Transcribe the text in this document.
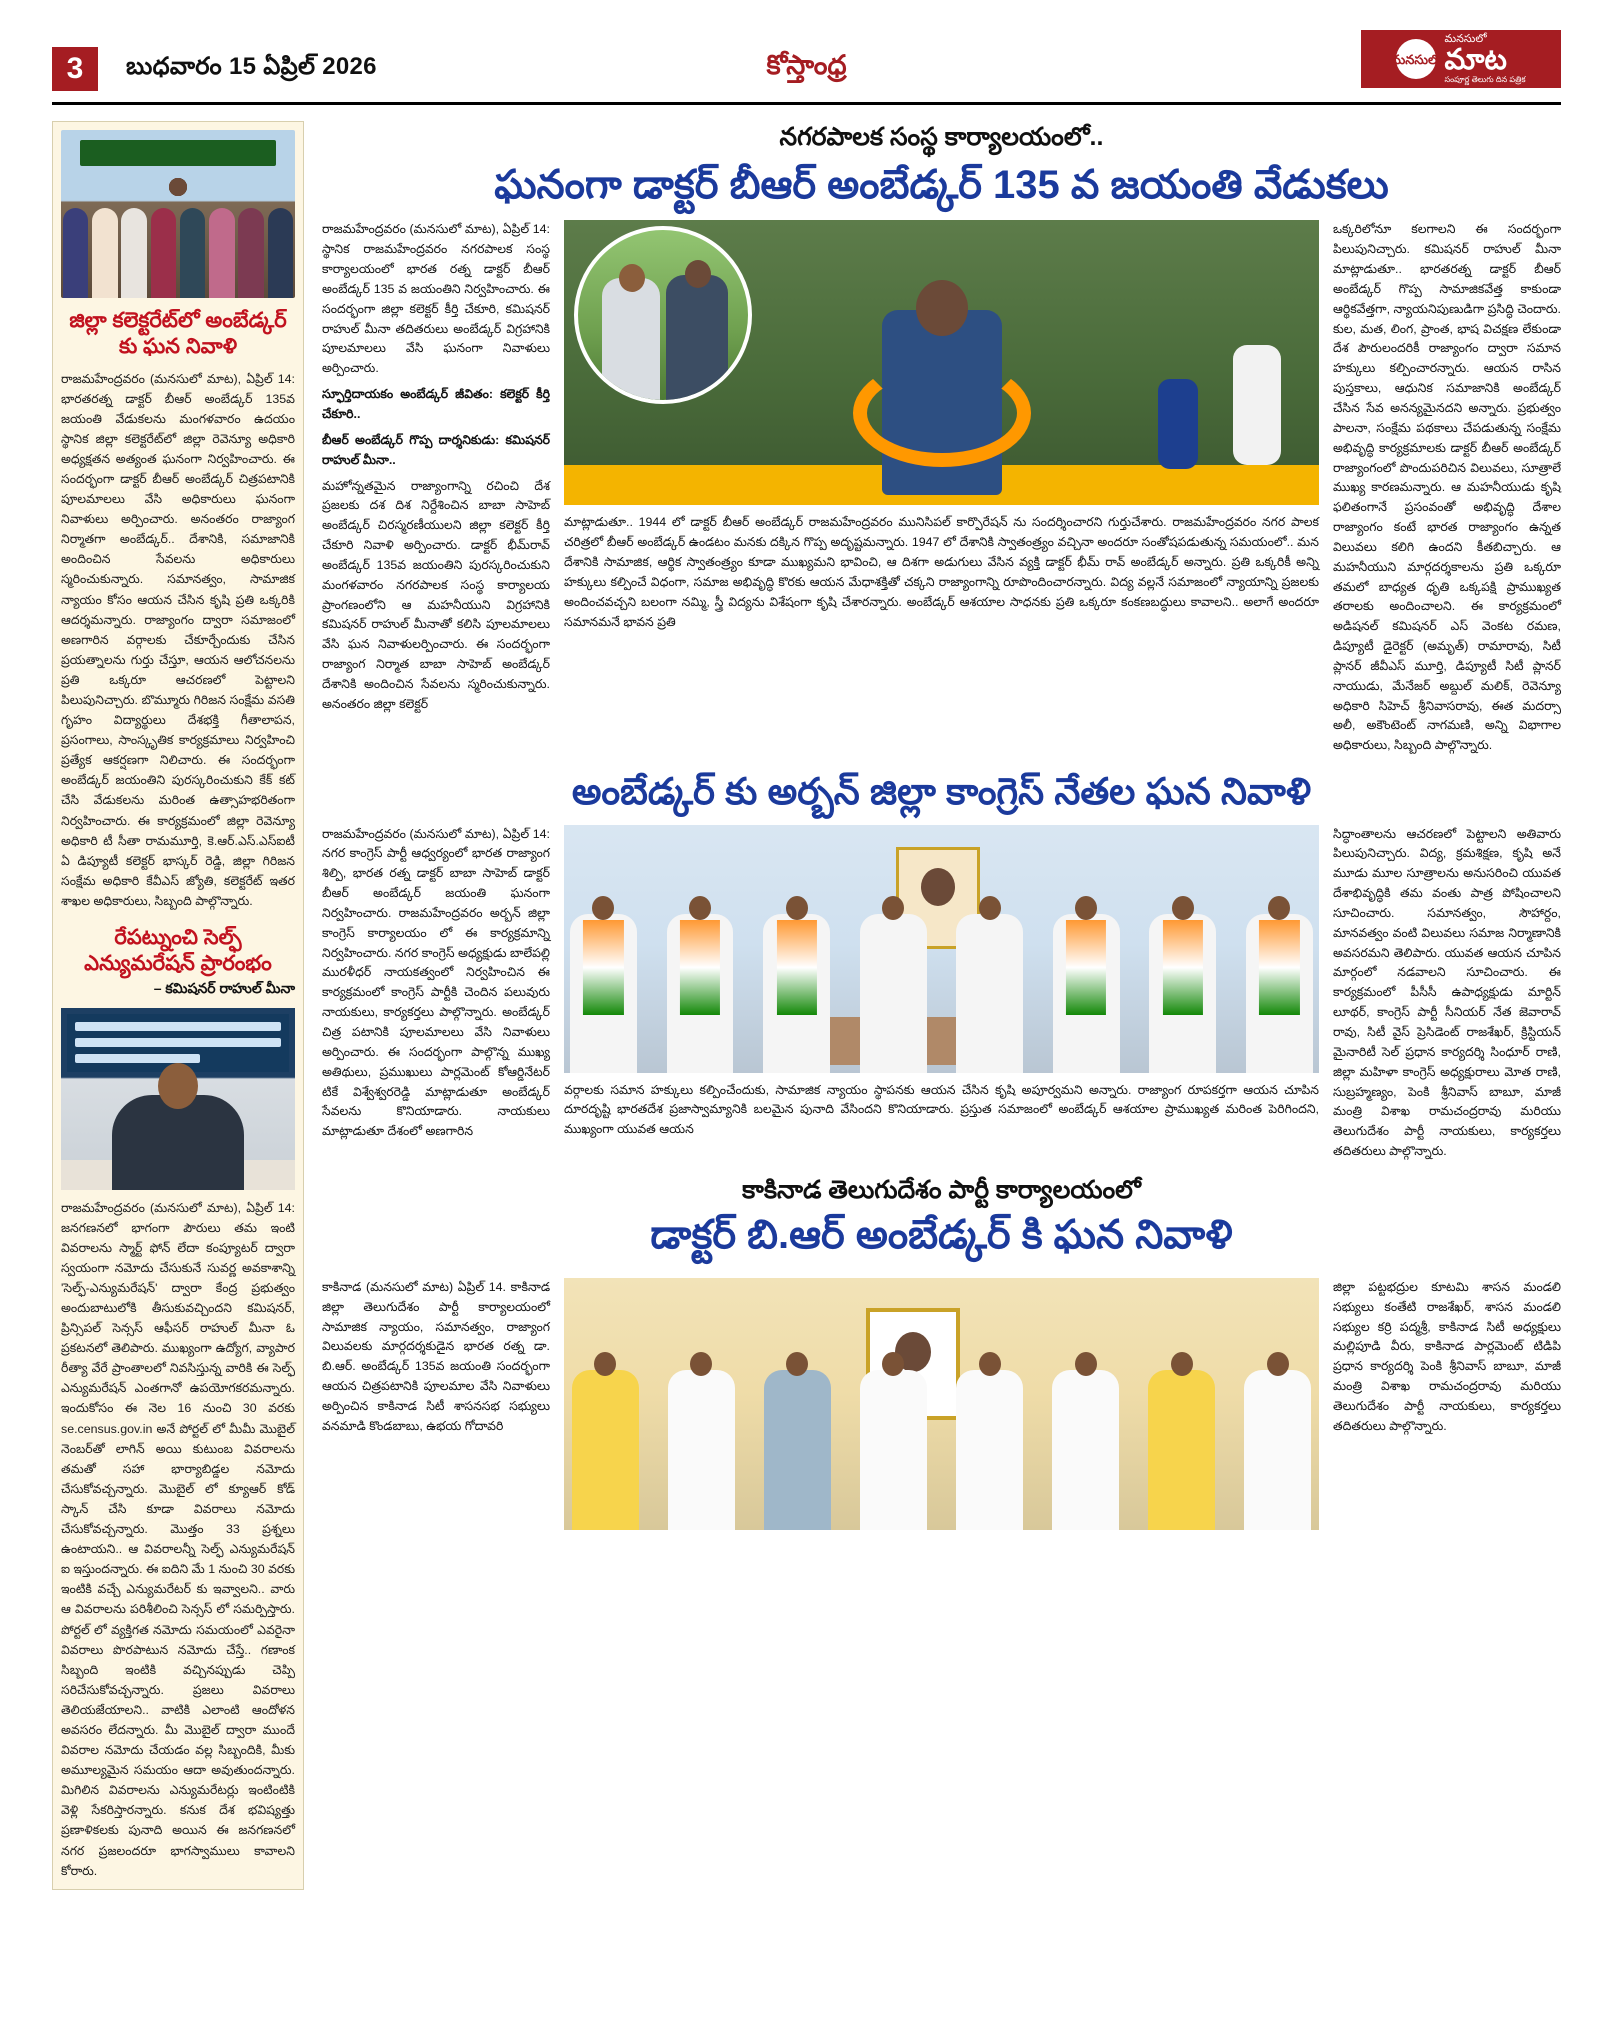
3	బుధవారం 15 ఏప్రిల్ 2026	కోస్తాంధ్ర	మనసులో
మనసులో
మాట
సంపూర్ణ తెలుగు దిన పత్రిక
జిల్లా కలెక్టరేట్‌లో అంబేడ్కర్ కు ఘన నివాళి
రాజమహేంద్రవరం (మనసులో మాట), ఏప్రిల్ 14: భారతరత్న డాక్టర్ బీఆర్ అంబేడ్కర్ 135వ జయంతి వేడుకలను మంగళవారం ఉదయం స్థానిక జిల్లా కలెక్టరేట్‌లో జిల్లా రెవెన్యూ అధికారి అధ్యక్షతన అత్యంత ఘనంగా నిర్వహించారు. ఈ సందర్భంగా డాక్టర్ బీఆర్ అంబేడ్కర్ చిత్రపటానికి పూలమాలలు వేసి అధికారులు ఘనంగా నివాళులు అర్పించారు. అనంతరం రాజ్యాంగ నిర్మాతగా అంబేడ్కర్.. దేశానికి, సమాజానికి అందించిన సేవలను అధికారులు స్మరించుకున్నారు. సమానత్వం, సామాజిక న్యాయం కోసం ఆయన చేసిన కృషి ప్రతి ఒక్కరికి ఆదర్శమన్నారు. రాజ్యాంగం ద్వారా సమాజంలో అణగారిన వర్గాలకు చేకూర్చేందుకు చేసిన ప్రయత్నాలను గుర్తు చేస్తూ, ఆయన ఆలోచనలను ప్రతి ఒక్కరూ ఆచరణలో పెట్టాలని పిలుపునిచ్చారు. బొమ్మూరు గిరిజన సంక్షేమ వసతి గృహం విద్యార్థులు దేశభక్తి గీతాలాపన, ప్రసంగాలు, సాంస్కృతిక కార్యక్రమాలు నిర్వహించి ప్రత్యేక ఆకర్షణగా నిలిచారు. ఈ సందర్భంగా అంబేడ్కర్ జయంతిని పురస్కరించుకుని కేక్ కట్ చేసి వేడుకలను మరింత ఉత్సాహభరితంగా నిర్వహించారు. ఈ కార్యక్రమంలో జిల్లా రెవెన్యూ అధికారి టీ సీతా రామమూర్తి, కె.ఆర్.ఎస్.ఎస్ఐటీ ఏ డిప్యూటీ కలెక్టర్ భాస్కర్ రెడ్డి, జిల్లా గిరిజన సంక్షేమ అధికారి కేవీఎస్ జ్యోతి, కలెక్టరేట్ ఇతర శాఖల అధికారులు, సిబ్బంది పాల్గొన్నారు.
రేపట్నుంచి సెల్ఫ్ ఎన్యుమరేషన్ ప్రారంభం
– కమిషనర్ రాహుల్ మీనా
రాజమహేంద్రవరం (మనసులో మాట), ఏప్రిల్ 14: జనగణనలో భాగంగా పౌరులు తమ ఇంటి వివరాలను స్మార్ట్ ఫోన్ లేదా కంప్యూటర్ ద్వారా స్వయంగా నమోదు చేసుకునే సువర్ణ అవకాశాన్ని 'సెల్ఫ్-ఎన్యుమరేషన్' ద్వారా కేంద్ర ప్రభుత్వం అందుబాటులోకి తీసుకువచ్చిందని కమిషనర్, ప్రిన్సిపల్ సెన్సస్ ఆఫీసర్ రాహుల్ మీనా ఓ ప్రకటనలో తెలిపారు. ముఖ్యంగా ఉద్యోగ, వ్యాపార రీత్యా వేరే ప్రాంతాలలో నివసిస్తున్న వారికి ఈ సెల్ఫ్ ఎన్యుమరేషన్ ఎంతగానో ఉపయోగకరమన్నారు. ఇందుకోసం ఈ నెల 16 నుంచి 30 వరకు se.census.gov.in అనే పోర్టల్ లో మీమీ మొబైల్ నెంబర్‌తో లాగిన్ అయి కుటుంబ వివరాలను తమతో సహా భార్యాబిడ్డల నమోదు చేసుకోవచ్చన్నారు. మొబైల్ లో క్యూఆర్ కోడ్ స్కాన్ చేసి కూడా వివరాలు నమోదు చేసుకోవచ్చన్నారు. మొత్తం 33 ప్రశ్నలు ఉంటాయని.. ఆ వివరాలన్నీ సెల్ఫ్ ఎన్యుమరేషన్ ఐ ఇస్తుందన్నారు. ఈ ఐదిని మే 1 నుంచి 30 వరకు ఇంటికి వచ్చే ఎన్యుమరేటర్ కు ఇవ్వాలని.. వారు ఆ వివరాలను పరిశీలించి సెన్సస్ లో సమర్పిస్తారు. పోర్టల్ లో వ్యక్తిగత నమోదు సమయంలో ఎవరైనా వివరాలు పొరపాటున నమోదు చేస్తే.. గణాంక సిబ్బంది ఇంటికి వచ్చినప్పుడు చెప్పి సరిచేసుకోవచ్చన్నారు. ప్రజలు వివరాలు తెలియజేయాలని.. వాటికి ఎలాంటి ఆందోళన అవసరం లేదన్నారు. మీ మొబైల్ ద్వారా ముందే వివరాల నమోదు చేయడం వల్ల సిబ్బందికి, మీకు అమూల్యమైన సమయం ఆదా అవుతుందన్నారు. మిగిలిన వివరాలను ఎన్యుమరేటర్లు ఇంటింటికి వెళ్లి సేకరిస్తారన్నారు. కనుక దేశ భవిష్యత్తు ప్రణాళికలకు పునాది అయిన ఈ జనగణనలో నగర ప్రజలందరూ భాగస్వాములు కావాలని కోరారు.
నగరపాలక సంస్థ కార్యాలయంలో..
ఘనంగా డాక్టర్ బీఆర్ అంబేడ్కర్ 135 వ జయంతి వేడుకలు
రాజమహేంద్రవరం (మనసులో మాట), ఏప్రిల్ 14: స్థానిక రాజమహేంద్రవరం నగరపాలక సంస్థ కార్యాలయంలో భారత రత్న డాక్టర్ బీఆర్ అంబేడ్కర్ 135 వ జయంతిని నిర్వహించారు. ఈ సందర్భంగా జిల్లా కలెక్టర్ కీర్తి చేకూరి, కమిషనర్ రాహుల్ మీనా తదితరులు అంబేడ్కర్ విగ్రహానికి పూలమాలలు వేసి ఘనంగా నివాళులు అర్పించారు.
స్ఫూర్తిదాయకం అంబేడ్కర్ జీవితం: కలెక్టర్ కీర్తి చేకూరి..
బీఆర్ అంబేడ్కర్ గొప్ప దార్శనికుడు: కమిషనర్ రాహుల్ మీనా..
మహోన్నతమైన రాజ్యాంగాన్ని రచించి దేశ ప్రజలకు దశ దిశ నిర్దేశించిన బాబా సాహెబ్ అంబేడ్కర్ చిరస్మరణీయులని జిల్లా కలెక్టర్ కీర్తి చేకూరి నివాళి అర్పించారు. డాక్టర్ భీమ్‌రావ్ అంబేడ్కర్ 135వ జయంతిని పురస్కరించుకుని మంగళవారం నగరపాలక సంస్థ కార్యాలయ ప్రాంగణంలోని ఆ మహనీయుని విగ్రహానికి కమిషనర్ రాహుల్ మీనాతో కలిసి పూలమాలలు వేసి ఘన నివాళులర్పించారు. ఈ సందర్భంగా రాజ్యాంగ నిర్మాత బాబా సాహెబ్ అంబేడ్కర్ దేశానికి అందించిన సేవలను స్మరించుకున్నారు. అనంతరం జిల్లా కలెక్టర్
మాట్లాడుతూ.. 1944 లో డాక్టర్ బీఆర్ అంబేడ్కర్ రాజమహేంద్రవరం మునిసిపల్ కార్పొరేషన్ ను సందర్శించారని గుర్తుచేశారు. రాజమహేంద్రవరం నగర పాలక చరిత్రలో బీఆర్ అంబేడ్కర్ ఉండటం మనకు దక్కిన గొప్ప అదృష్టమన్నారు. 1947 లో దేశానికి స్వాతంత్ర్యం వచ్చినా అందరూ సంతోషపడుతున్న సమయంలో.. మన దేశానికి సామాజిక, ఆర్థిక స్వాతంత్ర్యం కూడా ముఖ్యమని భావించి, ఆ దిశగా అడుగులు వేసిన వ్యక్తి డాక్టర్ భీమ్ రావ్ అంబేడ్కర్ అన్నారు. ప్రతి ఒక్కరికీ అన్ని హక్కులు కల్పించే విధంగా, సమాజ అభివృద్ధి కొరకు ఆయన మేధాశక్తితో చక్కని రాజ్యాంగాన్ని రూపొందించారన్నారు. విద్య వల్లనే సమాజంలో న్యాయాన్ని ప్రజలకు అందించవచ్చని బలంగా నమ్మి, స్త్రీ విద్యను విశేషంగా కృషి చేశారన్నారు. అంబేడ్కర్ ఆశయాల సాధనకు ప్రతి ఒక్కరూ కంకణబద్ధులు కావాలని.. అలాగే అందరూ సమానమనే భావన ప్రతి
ఒక్కరిలోనూ కలగాలని ఈ సందర్భంగా పిలుపునిచ్చారు. కమిషనర్ రాహుల్ మీనా మాట్లాడుతూ.. భారతరత్న డాక్టర్ బీఆర్ అంబేడ్కర్ గొప్ప సామాజికవేత్త కాకుండా ఆర్థికవేత్తగా, న్యాయనిపుణుడిగా ప్రసిద్ధి చెందారు. కుల, మత, లింగ, ప్రాంత, భాష విచక్షణ లేకుండా దేశ పౌరులందరికీ రాజ్యాంగం ద్వారా సమాన హక్కులు కల్పించారన్నారు. ఆయన రాసిన పుస్తకాలు, ఆధునిక సమాజానికి అంబేడ్కర్ చేసిన సేవ అనన్యమైనదని అన్నారు. ప్రభుత్వం పాలనా, సంక్షేమ పథకాలు చేపడుతున్న సంక్షేమ అభివృద్ధి కార్యక్రమాలకు డాక్టర్ బీఆర్ అంబేడ్కర్ రాజ్యాంగంలో పొందుపరిచిన విలువలు, సూత్రాలే ముఖ్య కారణమన్నారు. ఆ మహనీయుడు కృషి ఫలితంగానే ప్రసంవంతో అభివృద్ధి దేశాల రాజ్యాంగం కంటే భారత రాజ్యాంగం ఉన్నత విలువలు కలిగి ఉందని కీతబిచ్చారు. ఆ మహనీయుని మార్గదర్శకాలను ప్రతి ఒక్కరూ తమలో బాధ్యత ధృతి ఒక్కపక్షి ప్రాముఖ్యత తరాలకు అందించాలని. ఈ కార్యక్రమంలో అడిషనల్ కమిషనర్ ఎస్ వెంకట రమణ, డిప్యూటీ డైరెక్టర్ (అమృత్) రామారావు, సిటీ ప్లానర్ జీవీఎస్ మూర్తి, డిప్యూటీ సిటీ ప్లానర్ నాయుడు, మేనేజర్ అబ్దుల్ మలిక్, రెవెన్యూ అధికారి సిహెచ్ శ్రీనివాసరావు, ఈత మదర్సా అలీ, అకౌంటెంట్ నాగమణి, అన్ని విభాగాల అధికారులు, సిబ్బంది పాల్గొన్నారు.
అంబేడ్కర్ కు అర్బన్ జిల్లా కాంగ్రెస్ నేతల ఘన నివాళి
రాజమహేంద్రవరం (మనసులో మాట), ఏప్రిల్ 14: నగర కాంగ్రెస్ పార్టీ ఆధ్వర్యంలో భారత రాజ్యాంగ శిల్పి, భారత రత్న డాక్టర్ బాబా సాహెబ్ డాక్టర్ బీఆర్ అంబేడ్కర్ జయంతి ఘనంగా నిర్వహించారు. రాజమహేంద్రవరం అర్బన్ జిల్లా కాంగ్రెస్ కార్యాలయం లో ఈ కార్యక్రమాన్ని నిర్వహించారు. నగర కాంగ్రెస్ అధ్యక్షుడు బాలేపల్లి మురళీధర్ నాయకత్వంలో నిర్వహించిన ఈ కార్యక్రమంలో కాంగ్రెస్ పార్టీకి చెందిన పలువురు నాయకులు, కార్యకర్తలు పాల్గొన్నారు. అంబేడ్కర్ చిత్ర పటానికి పూలమాలలు వేసి నివాళులు అర్పించారు. ఈ సందర్భంగా పాల్గొన్న ముఖ్య అతిథులు, ప్రముఖులు పార్లమెంట్ కోఆర్డినేటర్ టికే విశ్వేశ్వరరెడ్డి మాట్లాడుతూ అంబేడ్కర్ సేవలను కొనియాడారు. నాయకులు మాట్లాడుతూ దేశంలో అణగారిన
వర్గాలకు సమాన హక్కులు కల్పించేందుకు, సామాజిక న్యాయం స్థాపనకు ఆయన చేసిన కృషి అపూర్వమని అన్నారు. రాజ్యాంగ రూపకర్తగా ఆయన చూపిన దూరదృష్టి భారతదేశ ప్రజాస్వామ్యానికి బలమైన పునాది వేసిందని కొనియాడారు. ప్రస్తుత సమాజంలో అంబేడ్కర్ ఆశయాల ప్రాముఖ్యత మరింత పెరిగిందని, ముఖ్యంగా యువత ఆయన
సిద్ధాంతాలను ఆచరణలో పెట్టాలని అతివారు పిలుపునిచ్చారు. విద్య, క్రమశిక్షణ, కృషి అనే మూడు మూల సూత్రాలను అనుసరించి యువత దేశాభివృద్ధికి తమ వంతు పాత్ర పోషించాలని సూచించారు. సమానత్వం, సౌహార్దం, మానవత్వం వంటి విలువలు సమాజ నిర్మాణానికి అవసరమని తెలిపారు. యువత ఆయన చూపిన మార్గంలో నడవాలని సూచించారు. ఈ కార్యక్రమంలో పీసీసీ ఉపాధ్యక్షుడు మార్టిన్ లూథర్, కాంగ్రెస్ పార్టీ సీనియర్ నేత జెవారావ్ రావు, సిటీ వైస్ ప్రెసిడెంట్ రాజశేఖర్, క్రిస్టియన్ మైనారిటీ సెల్ ప్రధాన కార్యదర్శి సింధూర్ రాణి, జిల్లా మహిళా కాంగ్రెస్ అధ్యక్షురాలు మోత రాణి, సుబ్రహ్మణ్యం, పెంకి శ్రీనివాస్ బాబూ, మాజీ మంత్రి విశాఖ రామచంద్రరావు మరియు తెలుగుదేశం పార్టీ నాయకులు, కార్యకర్తలు తదితరులు పాల్గొన్నారు.
కాకినాడ తెలుగుదేశం పార్టీ కార్యాలయంలో
డాక్టర్ బి.ఆర్ అంబేడ్కర్ కి ఘన నివాళి
కాకినాడ (మనసులో మాట) ఏప్రిల్ 14. కాకినాడ జిల్లా తెలుగుదేశం పార్టీ కార్యాలయంలో సామాజిక న్యాయం, సమానత్వం, రాజ్యాంగ విలువలకు మార్గదర్శకుడైన భారత రత్న డా. బి.ఆర్. అంబేడ్కర్ 135వ జయంతి సందర్భంగా ఆయన చిత్రపటానికి పూలమాల వేసి నివాళులు అర్పించిన కాకినాడ సిటీ శాసనసభ సభ్యులు వనమాడి కొండబాబు, ఉభయ గోదావరి
జిల్లా పట్టభద్రుల కూటమి శాసన మండలి సభ్యులు కంతేటి రాజశేఖర్, శాసన మండలి సభ్యుల కర్రి పద్మశ్రీ, కాకినాడ సిటీ అధ్యక్షులు మల్లిపూడి వీరు, కాకినాడ పార్లమెంట్ టిడిపి ప్రధాన కార్యదర్శి పెంకి శ్రీనివాస్ బాబూ, మాజీ మంత్రి విశాఖ రామచంద్రరావు మరియు తెలుగుదేశం పార్టీ నాయకులు, కార్యకర్తలు తదితరులు పాల్గొన్నారు.
